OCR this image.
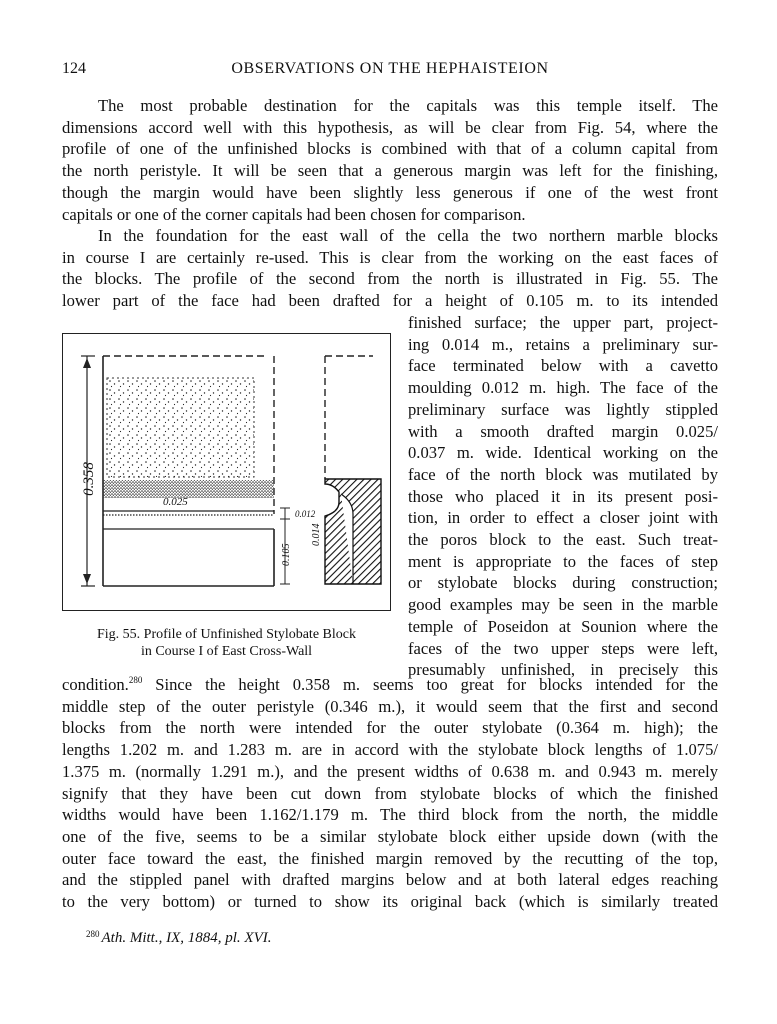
124	OBSERVATIONS ON THE HEPHAISTEION

The most probable destination for the capitals was this temple itself. The
dimensions accord well with this hypothesis, as will be clear from Fig. 54, where the
profile of one of the unfinished blocks is combined with that of a column capital from
the north peristyle. It will be seen that a generous margin was left for the finishing,
though the margin would have been slightly less generous if one of the west front
capitals or one of the corner capitals had been chosen for comparison.

In the foundation for the east wall of the cella the two northern marble blocks
in course I are certainly re-used. This is clear from the working on the east faces of
the blocks. The profile of the second from the north is illustrated in Fig. 55. The
lower part of the face had been drafted for a height of 0.105 m. to its intended

finished surface; the upper part, project-
ing 0.014 m., retains a preliminary sur-
face terminated below with a cavetto
moulding 0.012 m. high. The face of the
preliminary surface was lightly stippled
with a smooth drafted margin 0.025/
0.037 m. wide. Identical working on the
face of the north block was mutilated by
those who placed it in its present posi-
tion, in order to effect a closer joint with
the poros block to the east. Such treat-
ment is appropriate to the faces of step
or stylobate blocks during construction;
good examples may be seen in the marble
temple of Poseidon at Sounion where the
faces of the two upper steps were left,
presumably unfinished, in precisely this

0.358
0.025
0.012
0.105
0.014
Fig. 55. Profile of Unfinished Stylobate Block
in Course I of East Cross-Wall

condition.$^{280}$ Since the height 0.358 m. seems too great for blocks intended for the
middle step of the outer peristyle (0.346 m.), it would seem that the first and second
blocks from the north were intended for the outer stylobate (0.364 m. high); the
lengths 1.202 m. and 1.283 m. are in accord with the stylobate block lengths of 1.075/
1.375 m. (normally 1.291 m.), and the present widths of 0.638 m. and 0.943 m. merely
signify that they have been cut down from stylobate blocks of which the finished
widths would have been 1.162/1.179 m. The third block from the north, the middle
one of the five, seems to be a similar stylobate block either upside down (with the
outer face toward the east, the finished margin removed by the recutting of the top,
and the stippled panel with drafted margins below and at both lateral edges reaching
to the very bottom) or turned to show its original back (which is similarly treated

$^{280}$ Ath. Mitt., IX, 1884, pl. XVI.
